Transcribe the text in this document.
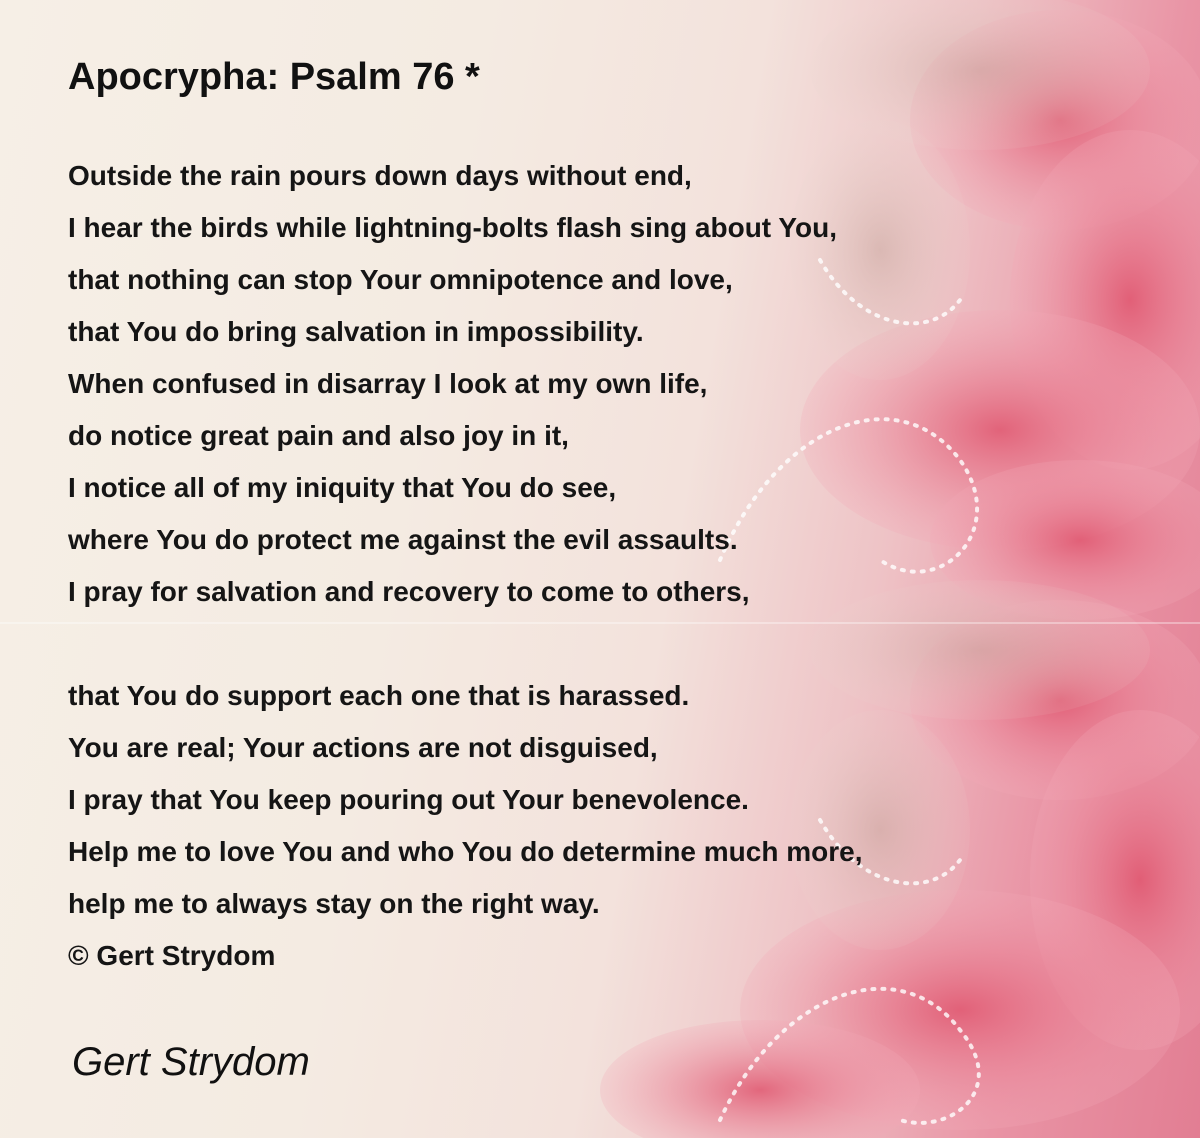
Apocrypha: Psalm 76 *
Outside the rain pours down days without end,
I hear the birds while lightning-bolts flash sing about You,
that nothing can stop Your omnipotence and love,
that You do bring salvation in impossibility.
When confused in disarray I look at my own life,
do notice great pain and also joy in it,
I notice all of my iniquity that You do see,
where You do protect me against the evil assaults.
I pray for salvation and recovery to come to others,
that You do support each one that is harassed.
You are real; Your actions are not disguised,
I pray that You keep pouring out Your benevolence.
Help me to love You and who You do determine much more,
help me to always stay on the right way.
© Gert Strydom
Gert Strydom
